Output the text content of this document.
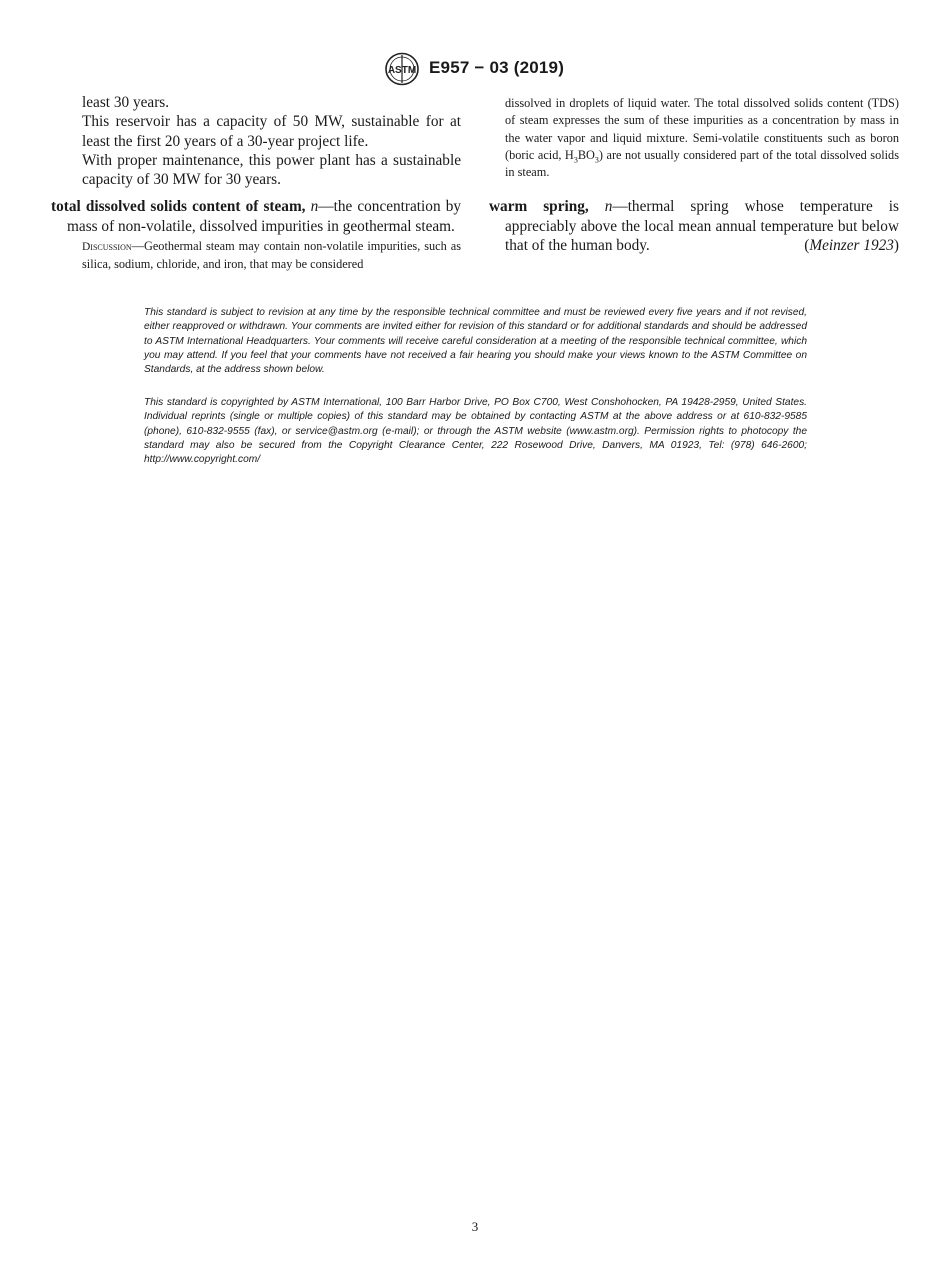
ASTM E957 − 03 (2019)

least 30 years.

This reservoir has a capacity of 50 MW, sustainable for at least the first 20 years of a 30-year project life.

With proper maintenance, this power plant has a sustainable capacity of 30 MW for 30 years.

total dissolved solids content of steam, n—the concentration by mass of non-volatile, dissolved impurities in geothermal steam.

Discussion—Geothermal steam may contain non-volatile impurities, such as silica, sodium, chloride, and iron, that may be considered

dissolved in droplets of liquid water. The total dissolved solids content (TDS) of steam expresses the sum of these impurities as a concentration by mass in the water vapor and liquid mixture. Semi-volatile constituents such as boron (boric acid, $H_3BO_3$) are not usually considered part of the total dissolved solids in steam.

warm spring, n—thermal spring whose temperature is appreciably above the local mean annual temperature but below that of the human body.	(Meinzer 1923)

This standard is subject to revision at any time by the responsible technical committee and must be reviewed every five years and if not revised, either reapproved or withdrawn. Your comments are invited either for revision of this standard or for additional standards and should be addressed to ASTM International Headquarters. Your comments will receive careful consideration at a meeting of the responsible technical committee, which you may attend. If you feel that your comments have not received a fair hearing you should make your views known to the ASTM Committee on Standards, at the address shown below.

This standard is copyrighted by ASTM International, 100 Barr Harbor Drive, PO Box C700, West Conshohocken, PA 19428-2959, United States. Individual reprints (single or multiple copies) of this standard may be obtained by contacting ASTM at the above address or at 610-832-9585 (phone), 610-832-9555 (fax), or service@astm.org (e-mail); or through the ASTM website (www.astm.org). Permission rights to photocopy the standard may also be secured from the Copyright Clearance Center, 222 Rosewood Drive, Danvers, MA 01923, Tel: (978) 646-2600; http://www.copyright.com/

3
